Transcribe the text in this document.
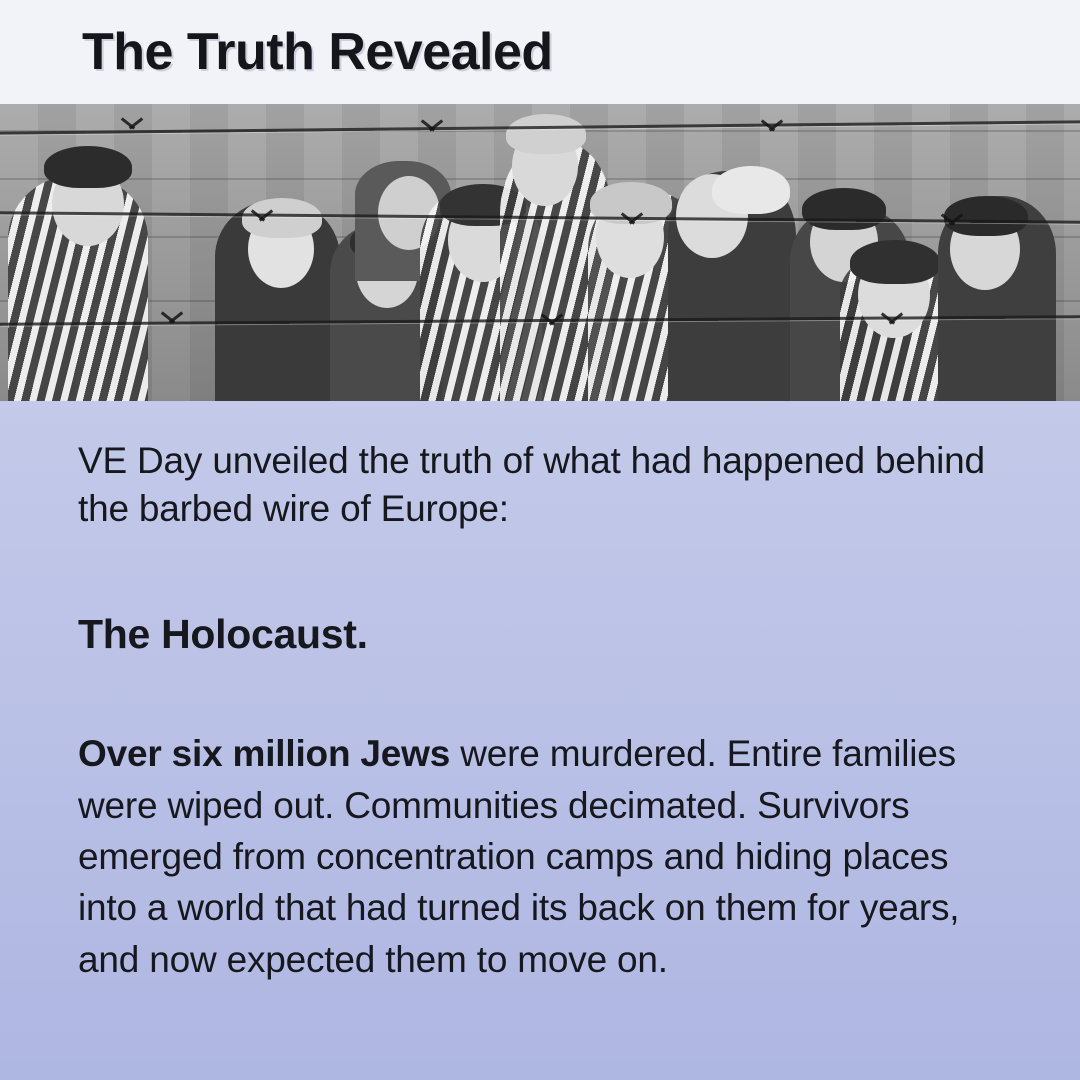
The Truth Revealed

VE Day unveiled the truth of what had happened behind the barbed wire of Europe:

The Holocaust.

Over six million Jews were murdered. Entire families were wiped out. Communities decimated. Survivors emerged from concentration camps and hiding places into a world that had turned its back on them for years, and now expected them to move on.
